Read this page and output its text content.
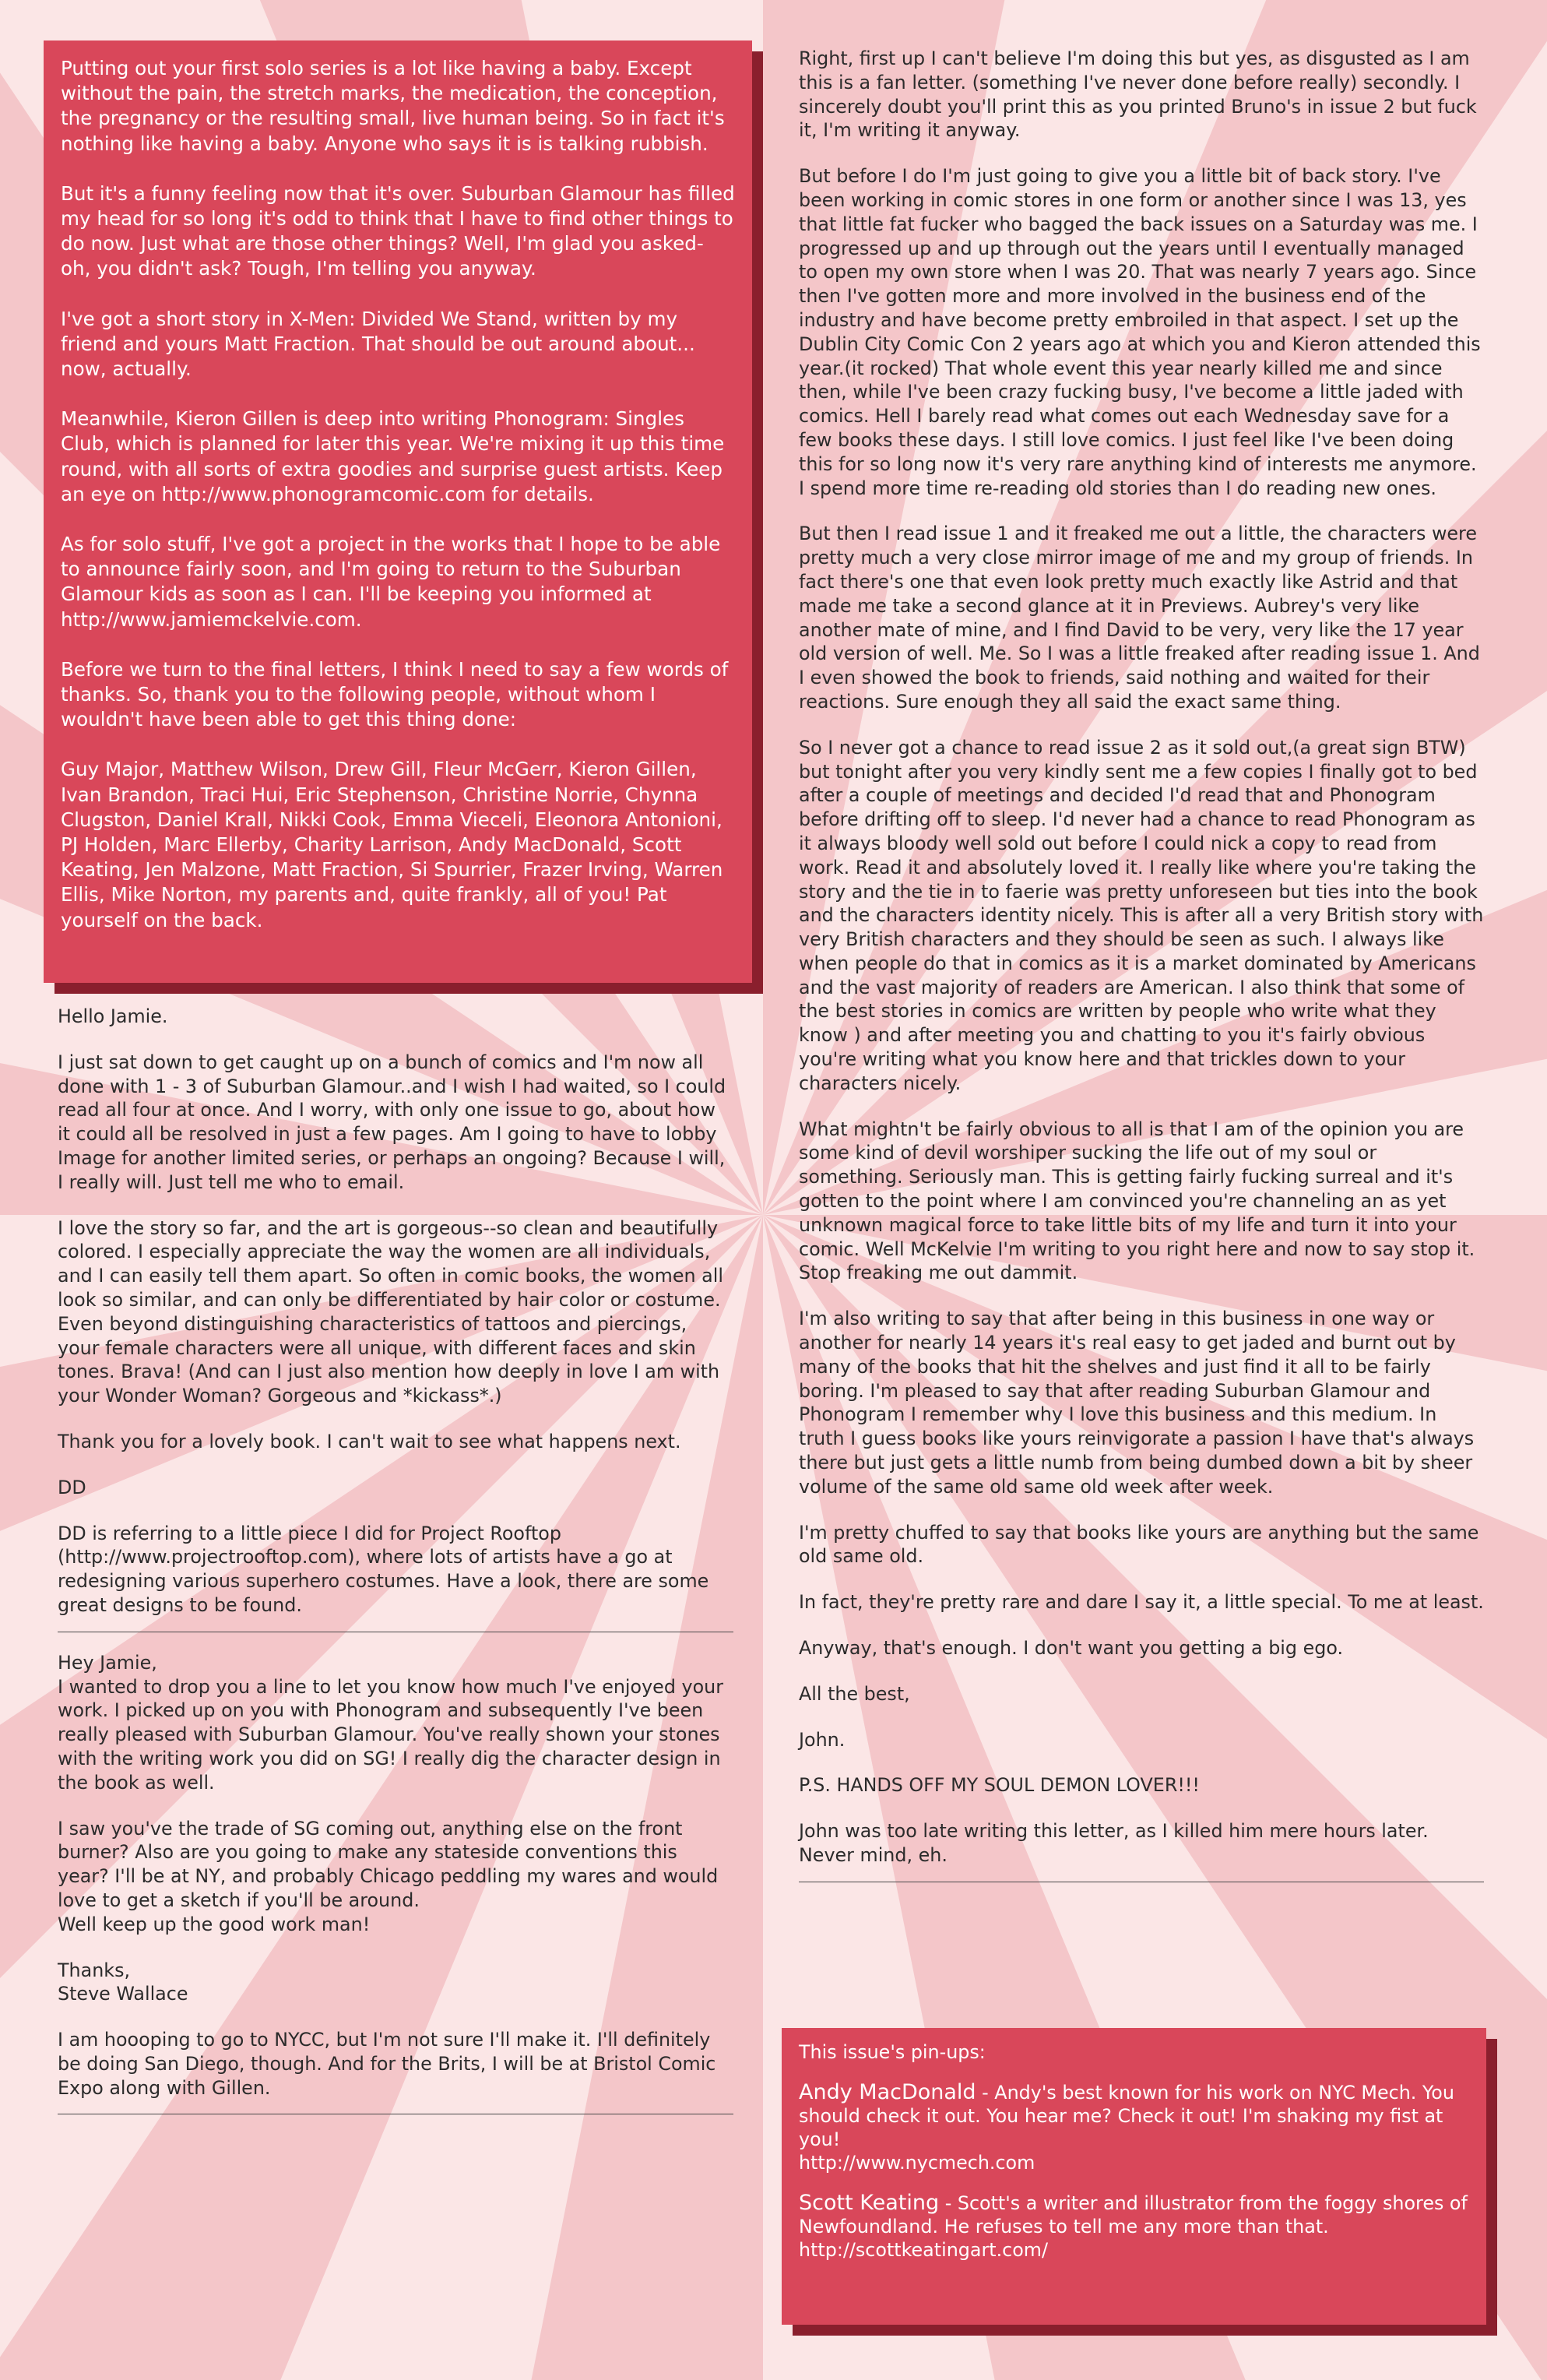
Putting out your first solo series is a lot like having a baby. Except without the pain, the stretch marks, the medication, the conception, the pregnancy or the resulting small, live human being. So in fact it's nothing like having a baby. Anyone who says it is is talking rubbish.

But it's a funny feeling now that it's over. Suburban Glamour has filled my head for so long it's odd to think that I have to find other things to do now. Just what are those other things? Well, I'm glad you asked- oh, you didn't ask? Tough, I'm telling you anyway.

I've got a short story in X-Men: Divided We Stand, written by my friend and yours Matt Fraction. That should be out around about... now, actually.

Meanwhile, Kieron Gillen is deep into writing Phonogram: Singles Club, which is planned for later this year. We're mixing it up this time round, with all sorts of extra goodies and surprise guest artists. Keep an eye on http://www.phonogramcomic.com for details.

As for solo stuff, I've got a project in the works that I hope to be able to announce fairly soon, and I'm going to return to the Suburban Glamour kids as soon as I can. I'll be keeping you informed at http://www.jamiemckelvie.com.

Before we turn to the final letters, I think I need to say a few words of thanks. So, thank you to the following people, without whom I wouldn't have been able to get this thing done:

Guy Major, Matthew Wilson, Drew Gill, Fleur McGerr, Kieron Gillen, Ivan Brandon, Traci Hui, Eric Stephenson, Christine Norrie, Chynna Clugston, Daniel Krall, Nikki Cook, Emma Vieceli, Eleonora Antonioni, PJ Holden, Marc Ellerby, Charity Larrison, Andy MacDonald, Scott Keating, Jen Malzone, Matt Fraction, Si Spurrier, Frazer Irving, Warren Ellis, Mike Norton, my parents and, quite frankly, all of you! Pat yourself on the back.

Hello Jamie.

I just sat down to get caught up on a bunch of comics and I'm now all done with 1 - 3 of Suburban Glamour..and I wish I had waited, so I could read all four at once. And I worry, with only one issue to go, about how it could all be resolved in just a few pages. Am I going to have to lobby Image for another limited series, or perhaps an ongoing? Because I will, I really will. Just tell me who to email.

I love the story so far, and the art is gorgeous--so clean and beautifully colored. I especially appreciate the way the women are all individuals, and I can easily tell them apart. So often in comic books, the women all look so similar, and can only be differentiated by hair color or costume. Even beyond distinguishing characteristics of tattoos and piercings, your female characters were all unique, with different faces and skin tones. Brava! (And can I just also mention how deeply in love I am with your Wonder Woman? Gorgeous and *kickass*.)

Thank you for a lovely book. I can't wait to see what happens next.

DD

DD is referring to a little piece I did for Project Rooftop (http://www.projectrooftop.com), where lots of artists have a go at redesigning various superhero costumes. Have a look, there are some great designs to be found.

Hey Jamie,
I wanted to drop you a line to let you know how much I've enjoyed your work. I picked up on you with Phonogram and subsequently I've been really pleased with Suburban Glamour. You've really shown your stones with the writing work you did on SG! I really dig the character design in the book as well.

I saw you've the trade of SG coming out, anything else on the front burner? Also are you going to make any stateside conventions this year? I'll be at NY, and probably Chicago peddling my wares and would love to get a sketch if you'll be around.
Well keep up the good work man!

Thanks,
Steve Wallace

I am hoooping to go to NYCC, but I'm not sure I'll make it. I'll definitely be doing San Diego, though. And for the Brits, I will be at Bristol Comic Expo along with Gillen.

Right, first up I can't believe I'm doing this but yes, as disgusted as I am this is a fan letter. (something I've never done before really) secondly. I sincerely doubt you'll print this as you printed Bruno's in issue 2 but fuck it, I'm writing it anyway.

But before I do I'm just going to give you a little bit of back story. I've been working in comic stores in one form or another since I was 13, yes that little fat fucker who bagged the back issues on a Saturday was me. I progressed up and up through out the years until I eventually managed to open my own store when I was 20. That was nearly 7 years ago. Since then I've gotten more and more involved in the business end of the industry and have become pretty embroiled in that aspect. I set up the Dublin City Comic Con 2 years ago at which you and Kieron attended this year.(it rocked) That whole event this year nearly killed me and since then, while I've been crazy fucking busy, I've become a little jaded with comics. Hell I barely read what comes out each Wednesday save for a few books these days. I still love comics. I just feel like I've been doing this for so long now it's very rare anything kind of interests me anymore. I spend more time re-reading old stories than I do reading new ones.

But then I read issue 1 and it freaked me out a little, the characters were pretty much a very close mirror image of me and my group of friends. In fact there's one that even look pretty much exactly like Astrid and that made me take a second glance at it in Previews. Aubrey's very like another mate of mine, and I find David to be very, very like the 17 year old version of well. Me. So I was a little freaked after reading issue 1. And I even showed the book to friends, said nothing and waited for their reactions. Sure enough they all said the exact same thing.

So I never got a chance to read issue 2 as it sold out,(a great sign BTW) but tonight after you very kindly sent me a few copies I finally got to bed after a couple of meetings and decided I'd read that and Phonogram before drifting off to sleep. I'd never had a chance to read Phonogram as it always bloody well sold out before I could nick a copy to read from work. Read it and absolutely loved it. I really like where you're taking the story and the tie in to faerie was pretty unforeseen but ties into the book and the characters identity nicely. This is after all a very British story with very British characters and they should be seen as such. I always like when people do that in comics as it is a market dominated by Americans and the vast majority of readers are American. I also think that some of the best stories in comics are written by people who write what they know ) and after meeting you and chatting to you it's fairly obvious you're writing what you know here and that trickles down to your characters nicely.

What mightn't be fairly obvious to all is that I am of the opinion you are some kind of devil worshiper sucking the life out of my soul or something. Seriously man. This is getting fairly fucking surreal and it's gotten to the point where I am convinced you're channeling an as yet unknown magical force to take little bits of my life and turn it into your comic. Well McKelvie I'm writing to you right here and now to say stop it. Stop freaking me out dammit.

I'm also writing to say that after being in this business in one way or another for nearly 14 years it's real easy to get jaded and burnt out by many of the books that hit the shelves and just find it all to be fairly boring. I'm pleased to say that after reading Suburban Glamour and Phonogram I remember why I love this business and this medium. In truth I guess books like yours reinvigorate a passion I have that's always there but just gets a little numb from being dumbed down a bit by sheer volume of the same old same old week after week.

I'm pretty chuffed to say that books like yours are anything but the same old same old.

In fact, they're pretty rare and dare I say it, a little special. To me at least.

Anyway, that's enough. I don't want you getting a big ego.

All the best,

John.

P.S. HANDS OFF MY SOUL DEMON LOVER!!!

John was too late writing this letter, as I killed him mere hours later.
Never mind, eh.

This issue's pin-ups:

Andy MacDonald - Andy's best known for his work on NYC Mech. You should check it out. You hear me? Check it out! I'm shaking my fist at you!
http://www.nycmech.com

Scott Keating - Scott's a writer and illustrator from the foggy shores of Newfoundland. He refuses to tell me any more than that.
http://scottkeatingart.com/
